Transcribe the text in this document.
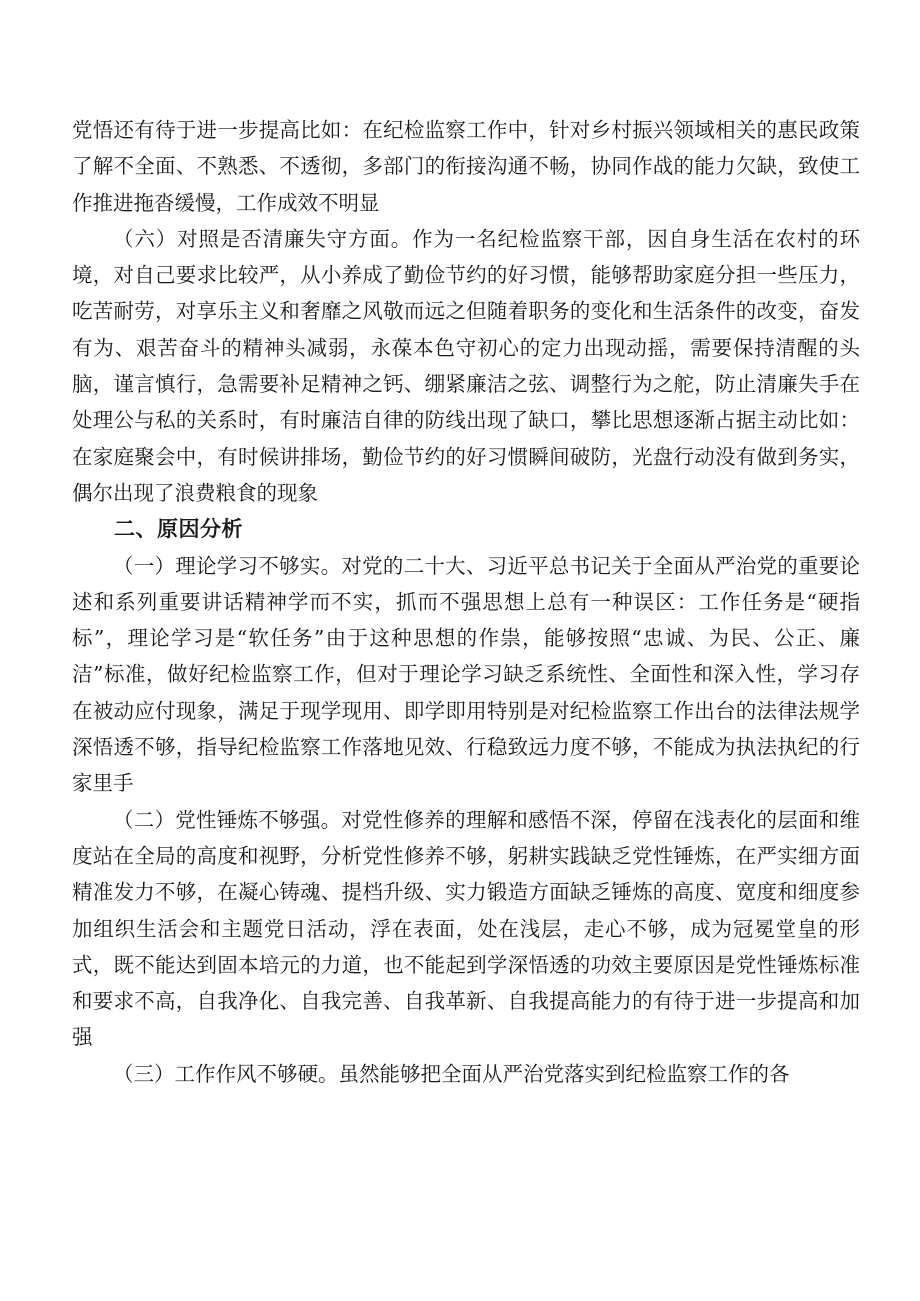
党悟还有待于进一步提高比如：在纪检监察工作中，针对乡村振兴领域相关的惠民政策了解不全面、不熟悉、不透彻，多部门的衔接沟通不畅，协同作战的能力欠缺，致使工作推进拖沓缓慢，工作成效不明显

（六）对照是否清廉失守方面。作为一名纪检监察干部，因自身生活在农村的环境，对自己要求比较严，从小养成了勤俭节约的好习惯，能够帮助家庭分担一些压力，吃苦耐劳，对享乐主义和奢靡之风敬而远之但随着职务的变化和生活条件的改变，奋发有为、艰苦奋斗的精神头减弱，永葆本色守初心的定力出现动摇，需要保持清醒的头脑，谨言慎行，急需要补足精神之钙、绷紧廉洁之弦、调整行为之舵，防止清廉失手在处理公与私的关系时，有时廉洁自律的防线出现了缺口，攀比思想逐渐占据主动比如：在家庭聚会中，有时候讲排场，勤俭节约的好习惯瞬间破防，光盘行动没有做到务实，偶尔出现了浪费粮食的现象

二、原因分析

（一）理论学习不够实。对党的二十大、习近平总书记关于全面从严治党的重要论述和系列重要讲话精神学而不实，抓而不强思想上总有一种误区：工作任务是“硬指标”，理论学习是“软任务”由于这种思想的作祟，能够按照“忠诚、为民、公正、廉洁”标准，做好纪检监察工作，但对于理论学习缺乏系统性、全面性和深入性，学习存在被动应付现象，满足于现学现用、即学即用特别是对纪检监察工作出台的法律法规学深悟透不够，指导纪检监察工作落地见效、行稳致远力度不够，不能成为执法执纪的行家里手

（二）党性锤炼不够强。对党性修养的理解和感悟不深，停留在浅表化的层面和维度站在全局的高度和视野，分析党性修养不够，躬耕实践缺乏党性锤炼，在严实细方面精准发力不够，在凝心铸魂、提档升级、实力锻造方面缺乏锤炼的高度、宽度和细度参加组织生活会和主题党日活动，浮在表面，处在浅层，走心不够，成为冠冕堂皇的形式，既不能达到固本培元的力道，也不能起到学深悟透的功效主要原因是党性锤炼标准和要求不高，自我净化、自我完善、自我革新、自我提高能力的有待于进一步提高和加强

（三）工作作风不够硬。虽然能够把全面从严治党落实到纪检监察工作的各
